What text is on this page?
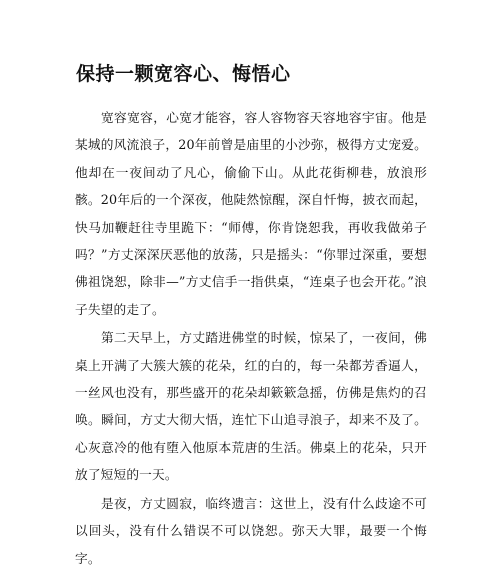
保持一颗宽容心、悔悟心

宽容宽容，心宽才能容，容人容物容天容地容宇宙。他是某城的风流浪子，20年前曾是庙里的小沙弥，极得方丈宠爱。他却在一夜间动了凡心，偷偷下山。从此花街柳巷，放浪形骸。20年后的一个深夜，他陡然惊醒，深自忏悔，披衣而起，快马加鞭赶往寺里跪下：“师傅，你肯饶恕我，再收我做弟子吗？”方丈深深厌恶他的放荡，只是摇头：“你罪过深重，要想佛祖饶恕，除非—”方丈信手一指供桌，“连桌子也会开花。”浪子失望的走了。

第二天早上，方丈踏进佛堂的时候，惊呆了，一夜间，佛桌上开满了大簇大簇的花朵，红的白的，每一朵都芳香逼人，一丝风也没有，那些盛开的花朵却簌簌急摇，仿佛是焦灼的召唤。瞬间，方丈大彻大悟，连忙下山追寻浪子，却来不及了。心灰意冷的他有堕入他原本荒唐的生活。佛桌上的花朵，只开放了短短的一天。

是夜，方丈圆寂，临终遗言：这世上，没有什么歧途不可以回头，没有什么错误不可以饶恕。弥天大罪，最要一个悔字。
